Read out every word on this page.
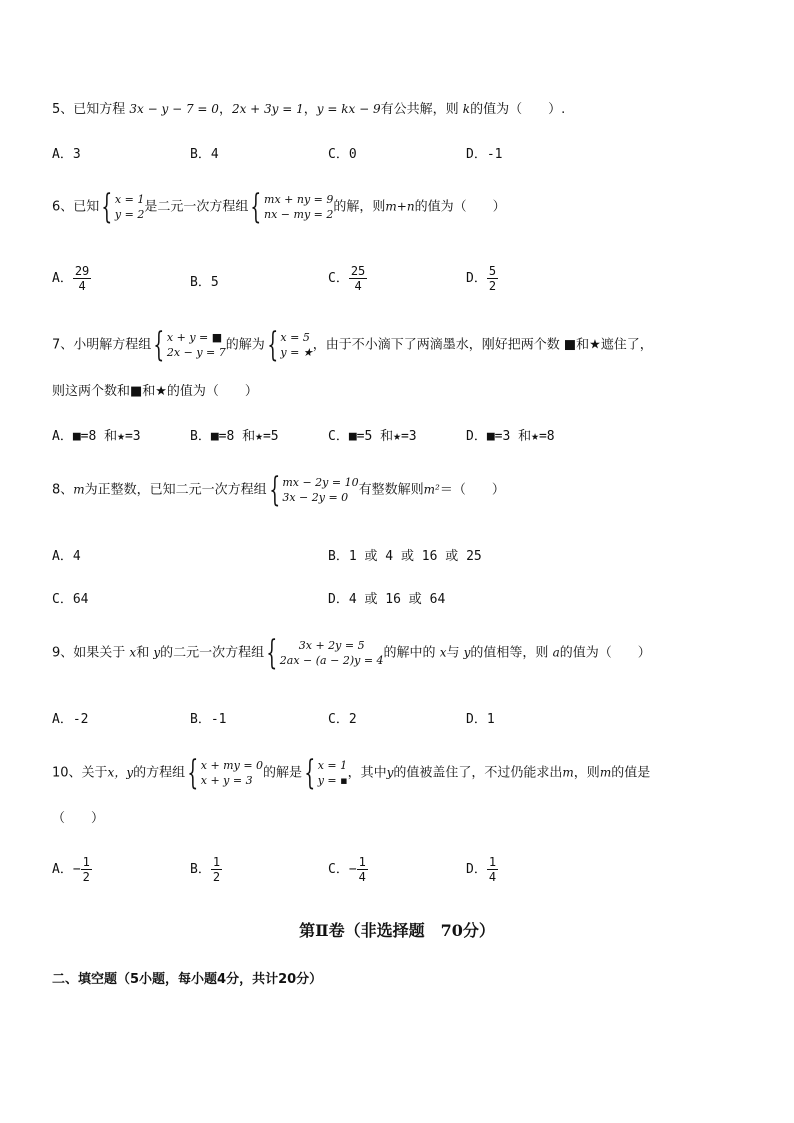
5、已知方程 3x − y − 7 = 0，2x + 3y = 1，y = kx − 9有公共解，则 k的值为（　　）.
A．3	B．4	C．0	D．-1
6、已知 { x = 1
y = 2 是二元一次方程组 { mx + ny = 9
nx − my = 2 的解，则m+n的值为（　　）
A． $\frac{29}{4}$	B．5	C． $\frac{25}{4}$	D． $\frac{5}{2}$
7、小明解方程组 { x + y = ■
2x − y = 7 的解为 { x = 5
y = ★ ，由于不小滴下了两滴墨水，刚好把两个数 ■和★遮住了，
则这两个数和■和★的值为（　　）
A．■=8 和★=3	B．■=8 和★=5	C．■=5 和★=3	D．■=3 和★=8
8、m为正整数，已知二元一次方程组 { mx − 2y = 10
3x − 2y = 0 有整数解则m²＝（　　）
A．4	B．1 或 4 或 16 或 25
C．64	D．4 或 16 或 64
9、如果关于 x和 y的二元一次方程组 { 3x + 2y = 5
2ax − (a − 2)y = 4 的解中的 x与 y的值相等，则 a的值为（　　）
A．-2	B．-1	C．2	D．1
10、关于x，y的方程组 { x + my = 0
x + y = 3 的解是 { x = 1
y = ▪ ，其中y的值被盖住了，不过仍能求出m，则m的值是
（　　）
A．− $\frac{1}{2}$	B． $\frac{1}{2}$	C．− $\frac{1}{4}$	D． $\frac{1}{4}$
第Ⅱ卷（非选择题　70分）
二、填空题（5小题，每小题4分，共计20分）
